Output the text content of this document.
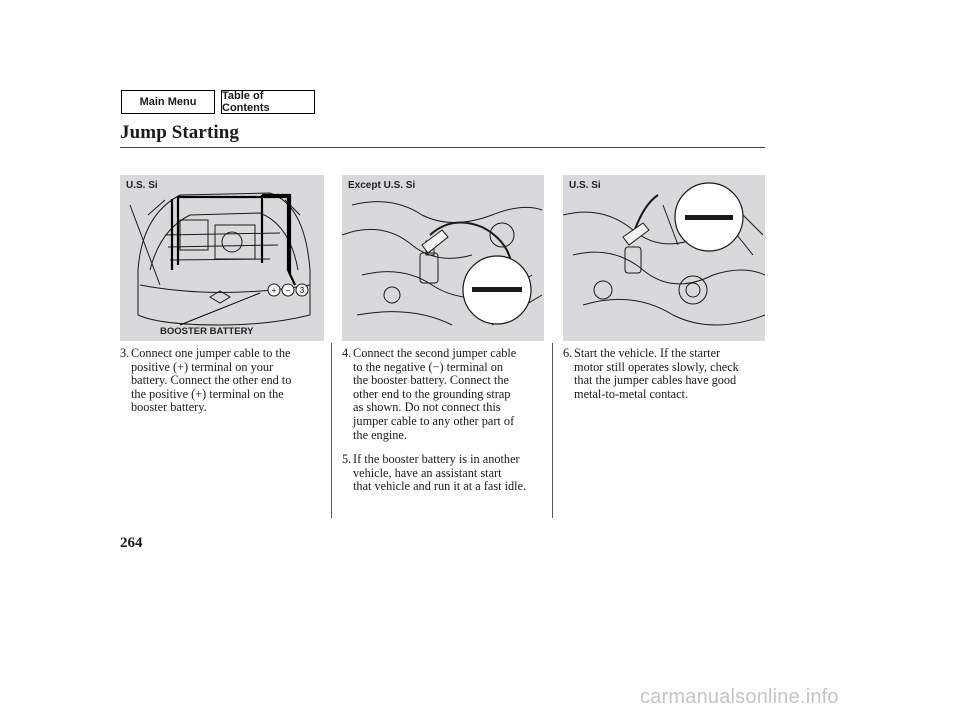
Main Menu	Table of Contents
Jump Starting
+ − 3
U.S. Si
BOOSTER BATTERY
Except U.S. Si	U.S. Si
3. Connect one jumper cable to the
positive (+) terminal on your
battery. Connect the other end to
the positive (+) terminal on the
booster battery.
4. Connect the second jumper cable
to the negative (−) terminal on
the booster battery. Connect the
other end to the grounding strap
as shown. Do not connect this
jumper cable to any other part of
the engine.
5. If the booster battery is in another
vehicle, have an assistant start
that vehicle and run it at a fast idle.
6. Start the vehicle. If the starter
motor still operates slowly, check
that the jumper cables have good
metal-to-metal contact.
264
carmanualsonline.info
